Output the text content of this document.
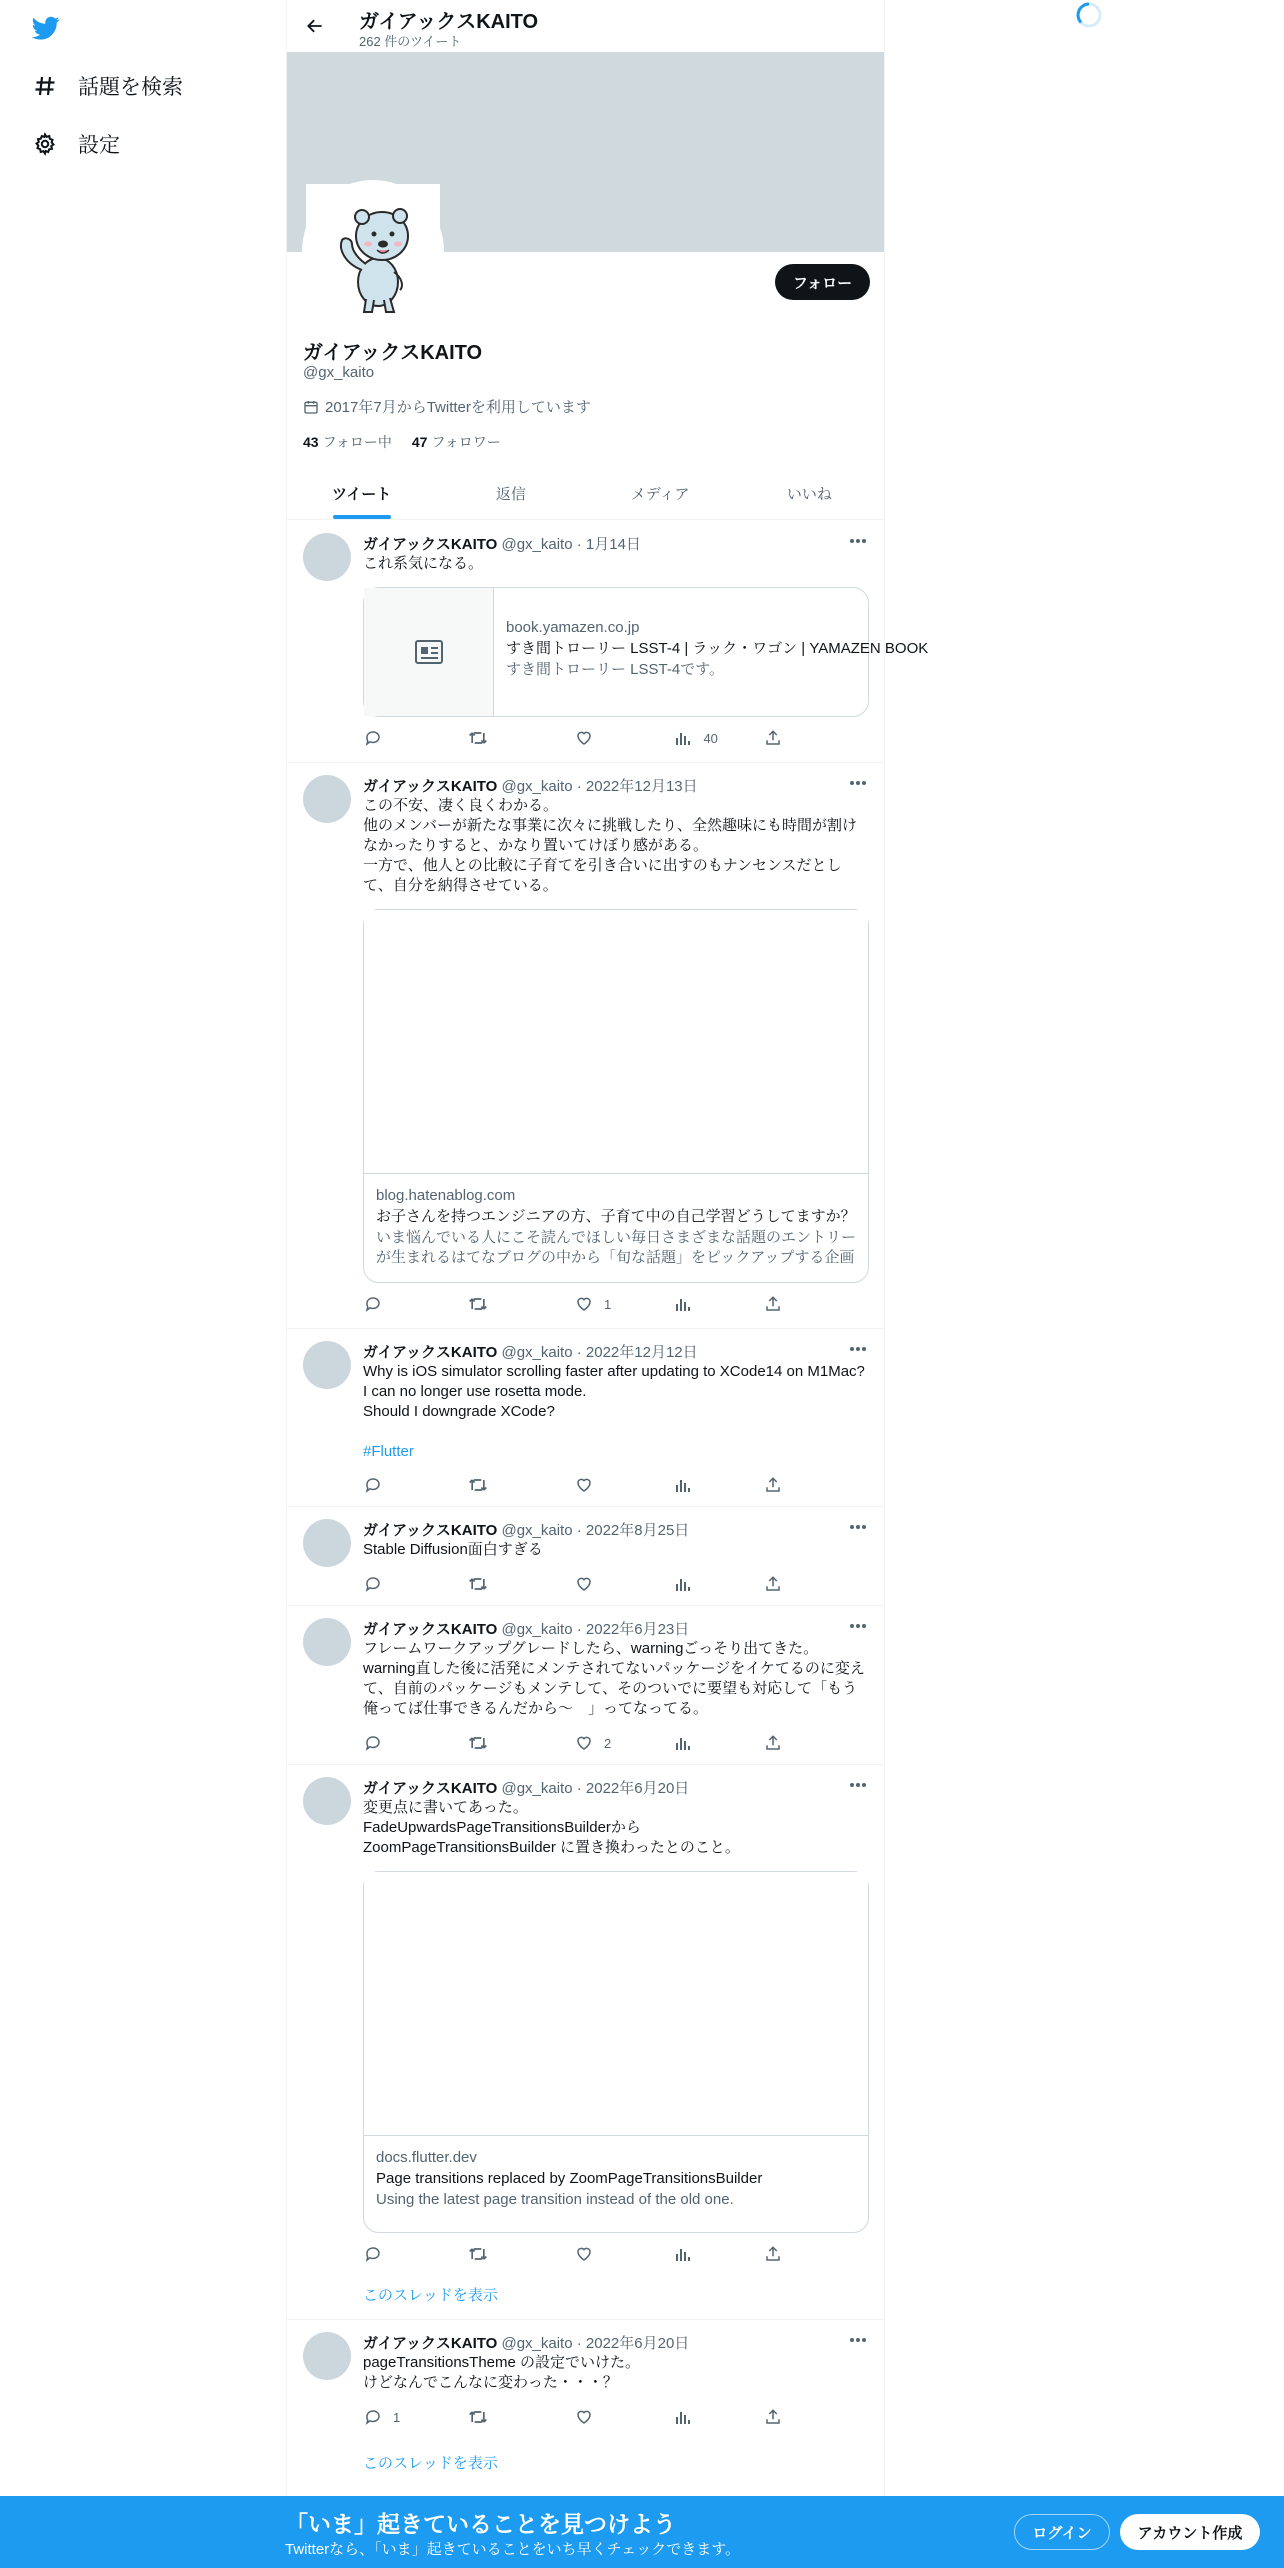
話題を検索
設定
ガイアックスKAITO
262 件のツイート
フォロー
ガイアックスKAITO
@gx_kaito
2017年7月からTwitterを利用しています
43 フォロー中 47 フォロワー
ツイート	返信	メディア	いいね
ガイアックスKAITO @gx_kaito · 1月14日

これ系気になる。

book.yamazen.co.jp
すき間トローリー LSST-4 | ラック・ワゴン | YAMAZEN BOOK
すき間トローリー LSST-4です。
40
ガイアックスKAITO @gx_kaito · 2022年12月13日

この不安、凄く良くわかる。
他のメンバーが新たな事業に次々に挑戦したり、全然趣味にも時間が割けなかったりすると、かなり置いてけぼり感がある。
一方で、他人との比較に子育てを引き合いに出すのもナンセンスだとして、自分を納得させている。

blog.hatenablog.com
お子さんを持つエンジニアの方、子育て中の自己学習どうしてますか？
いま悩んでいる人にこそ読んでほしい毎日さまざまな話題のエントリーが生まれるはてなブログの中から「旬な話題」をピックアップする企画
1
ガイアックスKAITO @gx_kaito · 2022年12月12日

Why is iOS simulator scrolling faster after updating to XCode14 on M1Mac?
I can no longer use rosetta mode.
Should I downgrade XCode?

#Flutter
ガイアックスKAITO @gx_kaito · 2022年8月25日

Stable Diffusion面白すぎる

ガイアックスKAITO @gx_kaito · 2022年6月23日

フレームワークアップグレードしたら、warningごっそり出てきた。
warning直した後に活発にメンテされてないパッケージをイケてるのに変えて、自前のパッケージもメンテして、そのついでに要望も対応して「もう俺ってば仕事できるんだから〜　」ってなってる。

2
ガイアックスKAITO @gx_kaito · 2022年6月20日

変更点に書いてあった。
FadeUpwardsPageTransitionsBuilderから
ZoomPageTransitionsBuilder に置き換わったとのこと。

docs.flutter.dev
Page transitions replaced by ZoomPageTransitionsBuilder
Using the latest page transition instead of the old one.
このスレッドを表示
ガイアックスKAITO @gx_kaito · 2022年6月20日

pageTransitionsTheme の設定でいけた。
けどなんでこんなに変わった・・・？

1
このスレッドを表示
「いま」起きていることを見つけよう
Twitterなら、「いま」起きていることをいち早くチェックできます。
ログイン	アカウント作成
